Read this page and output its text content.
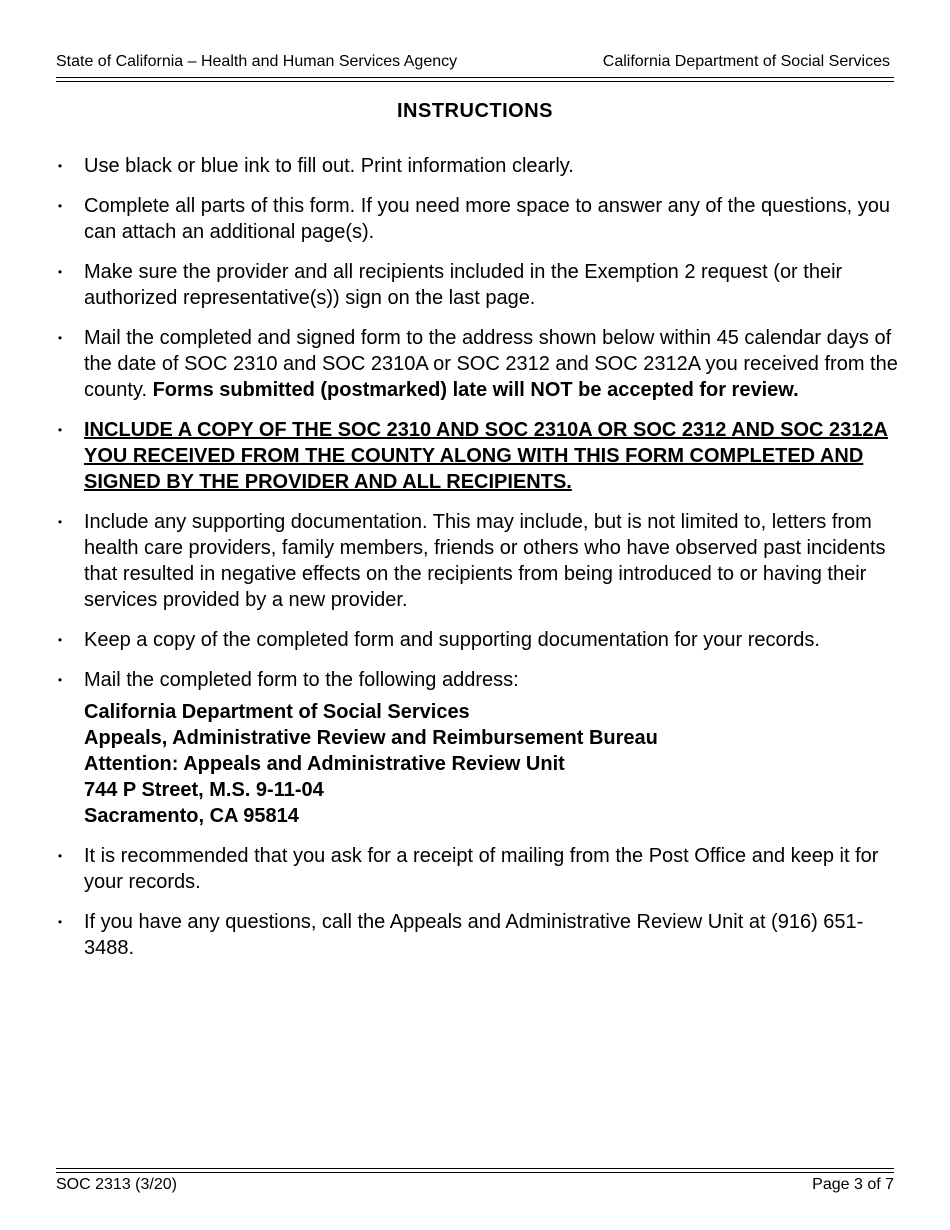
State of California – Health and Human Services Agency	California Department of Social Services
INSTRUCTIONS
• Use black or blue ink to fill out. Print information clearly.
• Complete all parts of this form. If you need more space to answer any of the questions, you can attach an additional page(s).
• Make sure the provider and all recipients included in the Exemption 2 request (or their authorized representative(s)) sign on the last page.
• Mail the completed and signed form to the address shown below within 45 calendar days of the date of SOC 2310 and SOC 2310A or SOC 2312 and SOC 2312A you received from the county. Forms submitted (postmarked) late will NOT be accepted for review.
• INCLUDE A COPY OF THE SOC 2310 AND SOC 2310A OR SOC 2312 AND SOC 2312A YOU RECEIVED FROM THE COUNTY ALONG WITH THIS FORM COMPLETED AND SIGNED BY THE PROVIDER AND ALL RECIPIENTS.
• Include any supporting documentation. This may include, but is not limited to, letters from health care providers, family members, friends or others who have observed past incidents that resulted in negative effects on the recipients from being introduced to or having their services provided by a new provider.
• Keep a copy of the completed form and supporting documentation for your records.
• Mail the completed form to the following address:
California Department of Social Services
Appeals, Administrative Review and Reimbursement Bureau
Attention: Appeals and Administrative Review Unit
744 P Street, M.S. 9-11-04
Sacramento, CA 95814
• It is recommended that you ask for a receipt of mailing from the Post Office and keep it for your records.
• If you have any questions, call the Appeals and Administrative Review Unit at (916) 651-3488.
SOC 2313 (3/20)	Page 3 of 7
